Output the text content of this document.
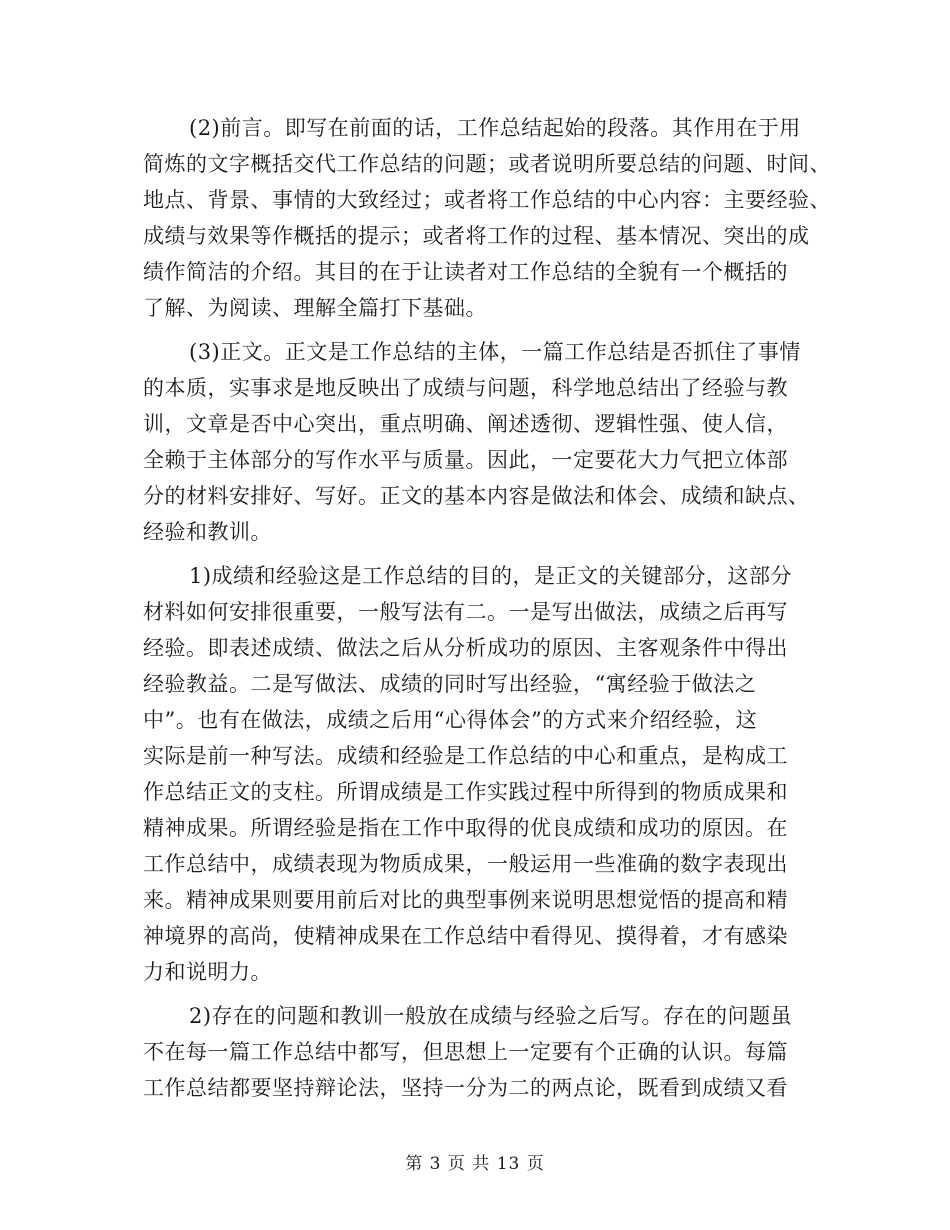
(2)前言。即写在前面的话，工作总结起始的段落。其作用在于用
简炼的文字概括交代工作总结的问题；或者说明所要总结的问题、时间、
地点、背景、事情的大致经过；或者将工作总结的中心内容：主要经验、
成绩与效果等作概括的提示；或者将工作的过程、基本情况、突出的成
绩作简洁的介绍。其目的在于让读者对工作总结的全貌有一个概括的
了解、为阅读、理解全篇打下基础。
(3)正文。正文是工作总结的主体，一篇工作总结是否抓住了事情
的本质，实事求是地反映出了成绩与问题，科学地总结出了经验与教
训，文章是否中心突出，重点明确、阐述透彻、逻辑性强、使人信，
全赖于主体部分的写作水平与质量。因此，一定要花大力气把立体部
分的材料安排好、写好。正文的基本内容是做法和体会、成绩和缺点、
经验和教训。
1)成绩和经验这是工作总结的目的，是正文的关键部分，这部分
材料如何安排很重要，一般写法有二。一是写出做法，成绩之后再写
经验。即表述成绩、做法之后从分析成功的原因、主客观条件中得出
经验教益。二是写做法、成绩的同时写出经验，“寓经验于做法之
中”。也有在做法，成绩之后用“心得体会”的方式来介绍经验，这
实际是前一种写法。成绩和经验是工作总结的中心和重点，是构成工
作总结正文的支柱。所谓成绩是工作实践过程中所得到的物质成果和
精神成果。所谓经验是指在工作中取得的优良成绩和成功的原因。在
工作总结中，成绩表现为物质成果，一般运用一些准确的数字表现出
来。精神成果则要用前后对比的典型事例来说明思想觉悟的提高和精
神境界的高尚，使精神成果在工作总结中看得见、摸得着，才有感染
力和说明力。
2)存在的问题和教训一般放在成绩与经验之后写。存在的问题虽
不在每一篇工作总结中都写，但思想上一定要有个正确的认识。每篇
工作总结都要坚持辩论法，坚持一分为二的两点论，既看到成绩又看
第 3 页 共 13 页
